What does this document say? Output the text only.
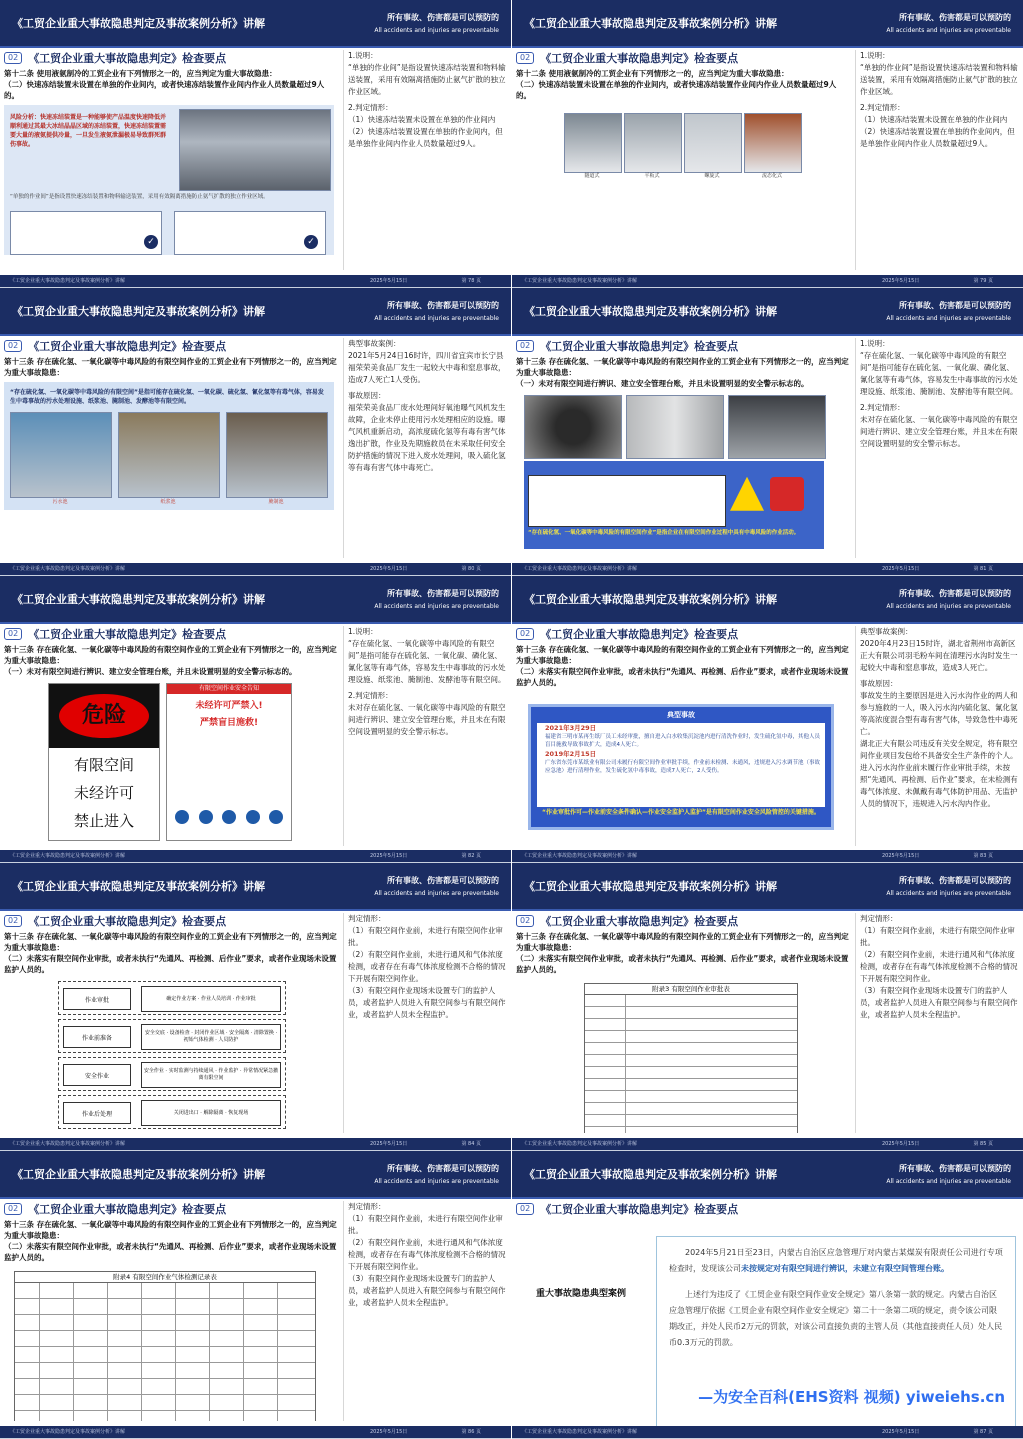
《工贸企业重大事故隐患判定及事故案例分析》讲解	所有事故、伤害都是可以预防的
All accidents and injuries are preventable
02 《工贸企业重大事故隐患判定》检查要点
第十二条 使用液氨制冷的工贸企业有下列情形之一的，应当判定为重大事故隐患：
（二）快速冻结装置未设置在单独的作业间内，或者快速冻结装置作业间内作业人员数量超过9人的。
风险分析：快速冻结装置是一种能够使产品温度快速降低并顺利通过其最大冰结晶晶区域的冻结装置，快速冻结装置需要大量的液氨提供冷量，一旦发生液氨泄漏极易导致群死群伤事故。
“单独的作业间”是指设置快速冻结装置和物料输送装置，采用有效隔离措施防止氨气扩散的独立作业区域。
✓	✓
1.说明：
“单独的作业间”是指设置快速冻结装置和物料输送装置，采用有效隔离措施防止氨气扩散的独立作业区域。
2.判定情形：
（1）快速冻结装置未设置在单独的作业间内
（2）快速冻结装置设置在单独的作业间内，但是单独作业间内作业人员数量超过9人。
《工贸企业重大事故隐患判定及事故案例分析》讲解	2025年5月15日	第 78 页
《工贸企业重大事故隐患判定及事故案例分析》讲解	所有事故、伤害都是可以预防的
All accidents and injuries are preventable
02 《工贸企业重大事故隐患判定》检查要点
第十二条 使用液氨制冷的工贸企业有下列情形之一的，应当判定为重大事故隐患：
（二）快速冻结装置未设置在单独的作业间内，或者快速冻结装置作业间内作业人员数量超过9人的。
隧道式	平板式	螺旋式	流态化式
1.说明：
“单独的作业间”是指设置快速冻结装置和物料输送装置，采用有效隔离措施防止氨气扩散的独立作业区域。
2.判定情形：
（1）快速冻结装置未设置在单独的作业间内
（2）快速冻结装置设置在单独的作业间内，但是单独作业间内作业人员数量超过9人。
《工贸企业重大事故隐患判定及事故案例分析》讲解	2025年5月15日	第 79 页
《工贸企业重大事故隐患判定及事故案例分析》讲解	所有事故、伤害都是可以预防的
All accidents and injuries are preventable
02 《工贸企业重大事故隐患判定》检查要点
第十三条 存在硫化氢、一氧化碳等中毒风险的有限空间作业的工贸企业有下列情形之一的，应当判定为重大事故隐患：
“存在硫化氢、一氧化碳等中毒风险的有限空间”是指可能存在硫化氢、一氧化碳、硫化氢、氰化氢等有毒气体，容易发生中毒事故的污水处理设施、纸浆池、腌制池、发酵池等有限空间。
污水池	纸浆池	腌制池
典型事故案例：
2021年5月24日16时许，四川省宜宾市长宁县福荣荣美食品厂发生一起较大中毒和窒息事故，造成7人死亡1人受伤。
事故原因：
福荣荣美食品厂废水处理间好氧池曝气风机发生故障，企业未停止使用污水处理相应的设施。曝气风机重新启动，高浓度硫化氢等有毒有害气体逸出扩散，作业及先期施救员在未采取任何安全防护措施的情况下进入废水处理间，吸入硫化氢等有毒有害气体中毒死亡。
《工贸企业重大事故隐患判定及事故案例分析》讲解	2025年5月15日	第 80 页
《工贸企业重大事故隐患判定及事故案例分析》讲解	所有事故、伤害都是可以预防的
All accidents and injuries are preventable
02 《工贸企业重大事故隐患判定》检查要点
第十三条 存在硫化氢、一氧化碳等中毒风险的有限空间作业的工贸企业有下列情形之一的，应当判定为重大事故隐患：
（一）未对有限空间进行辨识、建立安全管理台账，并且未设置明显的安全警示标志的。
“存在硫化氢、一氧化碳等中毒风险的有限空间作业”是指企业在有限空间作业过程中具有中毒风险的作业活动。
1.说明：
“存在硫化氢、一氧化碳等中毒风险的有限空间”是指可能存在硫化氢、一氧化碳、磷化氢、氰化氢等有毒气体，容易发生中毒事故的污水处理设施、纸浆池、腌制池、发酵池等有限空间。
2.判定情形：
未对存在硫化氢、一氧化碳等中毒风险的有限空间进行辨识、建立安全管理台账，并且未在有限空间设置明显的安全警示标志。
《工贸企业重大事故隐患判定及事故案例分析》讲解	2025年5月15日	第 81 页
《工贸企业重大事故隐患判定及事故案例分析》讲解	所有事故、伤害都是可以预防的
All accidents and injuries are preventable
02 《工贸企业重大事故隐患判定》检查要点
第十三条 存在硫化氢、一氧化碳等中毒风险的有限空间作业的工贸企业有下列情形之一的，应当判定为重大事故隐患：
（一）未对有限空间进行辨识、建立安全管理台账，并且未设置明显的安全警示标志的。
危险
有限空间
未经许可
禁止进入
有限空间作业安全告知
未经许可严禁入!
严禁盲目施救!
1.说明：
“存在硫化氢、一氧化碳等中毒风险的有限空间”是指可能存在硫化氢、一氧化碳、磷化氢、氰化氢等有毒气体，容易发生中毒事故的污水处理设施、纸浆池、腌制池、发酵池等有限空间。
2.判定情形：
未对存在硫化氢、一氧化碳等中毒风险的有限空间进行辨识、建立安全管理台账，并且未在有限空间设置明显的安全警示标志。
《工贸企业重大事故隐患判定及事故案例分析》讲解	2025年5月15日	第 82 页
《工贸企业重大事故隐患判定及事故案例分析》讲解	所有事故、伤害都是可以预防的
All accidents and injuries are preventable
02 《工贸企业重大事故隐患判定》检查要点
第十三条 存在硫化氢、一氧化碳等中毒风险的有限空间作业的工贸企业有下列情形之一的，应当判定为重大事故隐患：
（二）未落实有限空间作业审批，或者未执行“先通风、再检测、后作业”要求，或者作业现场未设置监护人员的。
典型事故
2021年3月29日
福建省三明市某再生纸厂员工未经审批，擅自进入白水收集沉淀池内进行清洗作业时，发生硫化氢中毒，其他人员盲目施救导致事故扩大，造成4人死亡。
2019年2月15日
广东省东莞市某纸业有限公司未履行有限空间作业审批手续，作业前未检测、未通风，违规进入污水调节池（事故应急池）进行清理作业，发生硫化氢中毒事故，造成7人死亡，2人受伤。
“作业审批作可—作业前安全条件确认—作业安全监护人监护”是有限空间作业安全风险管控的关键措施。
典型事故案例：
2020年4月23日15时许，湖北省荆州市高新区正大有限公司羽毛粉车间在清理污水沟时发生一起较大中毒和窒息事故，造成3人死亡。
事故原因：
事故发生的主要原因是进入污水沟作业的两人和参与施救的一人，吸入污水沟内硫化氢、氰化氢等高浓度混合型有毒有害气体，导致急性中毒死亡。
湖北正大有限公司违反有关安全规定，将有限空间作业项目发包给不具备安全生产条件的个人。进入污水沟作业前未履行作业审批手续，未按照“先通风、再检测、后作业”要求，在未检测有毒气体浓度、未佩戴有毒气体防护用品、无监护人员的情况下，违规进入污水沟内作业。
《工贸企业重大事故隐患判定及事故案例分析》讲解	2025年5月15日	第 83 页
《工贸企业重大事故隐患判定及事故案例分析》讲解	所有事故、伤害都是可以预防的
All accidents and injuries are preventable
02 《工贸企业重大事故隐患判定》检查要点
第十三条 存在硫化氢、一氧化碳等中毒风险的有限空间作业的工贸企业有下列情形之一的，应当判定为重大事故隐患：
（二）未落实有限空间作业审批，或者未执行“先通风、再检测、后作业”要求，或者作业现场未设置监护人员的。
作业审批	确定作业方案 · 作业人员培训 · 作业审批
作业前准备
安全交底 · 设备检查 · 封闭作业区域 · 安全隔离 · 清除置换 · 初始气体检测 · 人员防护
安全作业
安全作业 · 实时监测与持续通风 · 作业监护 · 异常情况紧急撤离有限空间
作业后处理	关闭进出口 · 解除隔离 · 恢复现场
判定情形：
（1）有限空间作业前，未进行有限空间作业审批。
（2）有限空间作业前，未进行通风和气体浓度检测，或者存在有毒气体浓度检测不合格的情况下开展有限空间作业。
（3）有限空间作业现场未设置专门的监护人员，或者监护人员进入有限空间参与有限空间作业，或者监护人员未全程监护。
《工贸企业重大事故隐患判定及事故案例分析》讲解	2025年5月15日	第 84 页
《工贸企业重大事故隐患判定及事故案例分析》讲解	所有事故、伤害都是可以预防的
All accidents and injuries are preventable
02 《工贸企业重大事故隐患判定》检查要点
第十三条 存在硫化氢、一氧化碳等中毒风险的有限空间作业的工贸企业有下列情形之一的，应当判定为重大事故隐患：
（二）未落实有限空间作业审批，或者未执行“先通风、再检测、后作业”要求，或者作业现场未设置监护人员的。
附录3 有限空间作业审批表
判定情形：
（1）有限空间作业前，未进行有限空间作业审批。
（2）有限空间作业前，未进行通风和气体浓度检测，或者存在有毒气体浓度检测不合格的情况下开展有限空间作业。
（3）有限空间作业现场未设置专门的监护人员，或者监护人员进入有限空间参与有限空间作业，或者监护人员未全程监护。
《工贸企业重大事故隐患判定及事故案例分析》讲解	2025年5月15日	第 85 页
《工贸企业重大事故隐患判定及事故案例分析》讲解	所有事故、伤害都是可以预防的
All accidents and injuries are preventable
02 《工贸企业重大事故隐患判定》检查要点
第十三条 存在硫化氢、一氧化碳等中毒风险的有限空间作业的工贸企业有下列情形之一的，应当判定为重大事故隐患：
（二）未落实有限空间作业审批，或者未执行“先通风、再检测、后作业”要求，或者作业现场未设置监护人员的。
附录4 有限空间作业气体检测记录表
判定情形：
（1）有限空间作业前，未进行有限空间作业审批。
（2）有限空间作业前，未进行通风和气体浓度检测，或者存在有毒气体浓度检测不合格的情况下开展有限空间作业。
（3）有限空间作业现场未设置专门的监护人员，或者监护人员进入有限空间参与有限空间作业，或者监护人员未全程监护。
《工贸企业重大事故隐患判定及事故案例分析》讲解	2025年5月15日	第 86 页
《工贸企业重大事故隐患判定及事故案例分析》讲解	所有事故、伤害都是可以预防的
All accidents and injuries are preventable
02 《工贸企业重大事故隐患判定》检查要点
重大事故隐患典型案例
2024年5月21日至23日，内蒙古自治区应急管理厅对内蒙古某煤炭有限责任公司进行专项检查时，发现该公司未按规定对有限空间进行辨识，未建立有限空间管理台账。
上述行为违反了《工贸企业有限空间作业安全规定》第八条第一款的规定。内蒙古自治区应急管理厅依据《工贸企业有限空间作业安全规定》第二十一条第二项的规定，责令该公司限期改正，并处人民币2万元的罚款，对该公司直接负责的主管人员（其他直接责任人员）处人民币0.3万元的罚款。
—为安全百科(EHS资料 视频) yiweiehs.cn
《工贸企业重大事故隐患判定及事故案例分析》讲解	2025年5月15日	第 87 页
